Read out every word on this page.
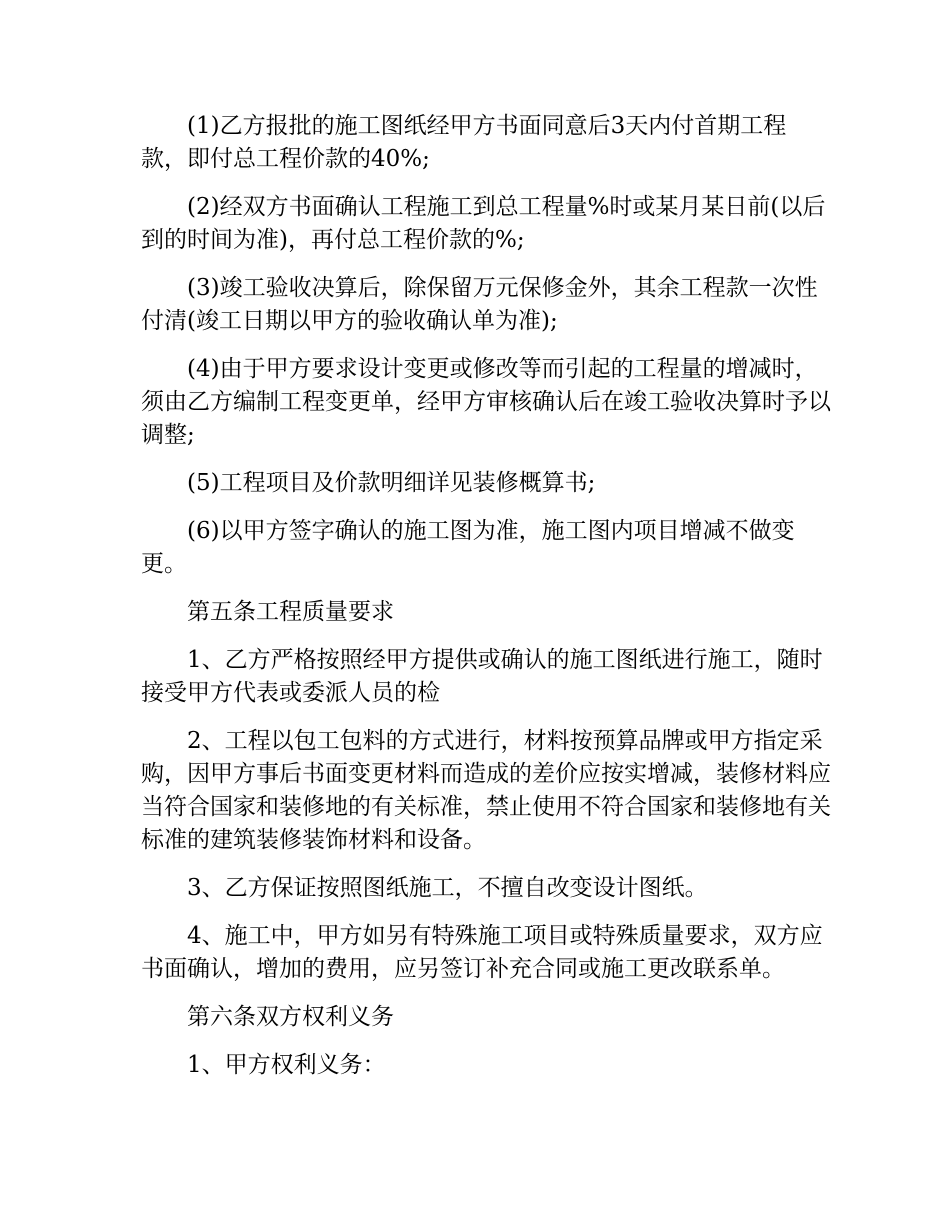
(1)乙方报批的施工图纸经甲方书面同意后3天内付首期工程款，即付总工程价款的40%;

(2)经双方书面确认工程施工到总工程量%时或某月某日前(以后到的时间为准)，再付总工程价款的%;

(3)竣工验收决算后，除保留万元保修金外，其余工程款一次性付清(竣工日期以甲方的验收确认单为准);

(4)由于甲方要求设计变更或修改等而引起的工程量的增减时，须由乙方编制工程变更单，经甲方审核确认后在竣工验收决算时予以调整;

(5)工程项目及价款明细详见装修概算书;

(6)以甲方签字确认的施工图为准，施工图内项目增减不做变更。

第五条工程质量要求

1、乙方严格按照经甲方提供或确认的施工图纸进行施工，随时接受甲方代表或委派人员的检

2、工程以包工包料的方式进行，材料按预算品牌或甲方指定采购，因甲方事后书面变更材料而造成的差价应按实增减，装修材料应当符合国家和装修地的有关标准，禁止使用不符合国家和装修地有关标准的建筑装修装饰材料和设备。

3、乙方保证按照图纸施工，不擅自改变设计图纸。

4、施工中，甲方如另有特殊施工项目或特殊质量要求，双方应书面确认，增加的费用，应另签订补充合同或施工更改联系单。

第六条双方权利义务

1、甲方权利义务：
